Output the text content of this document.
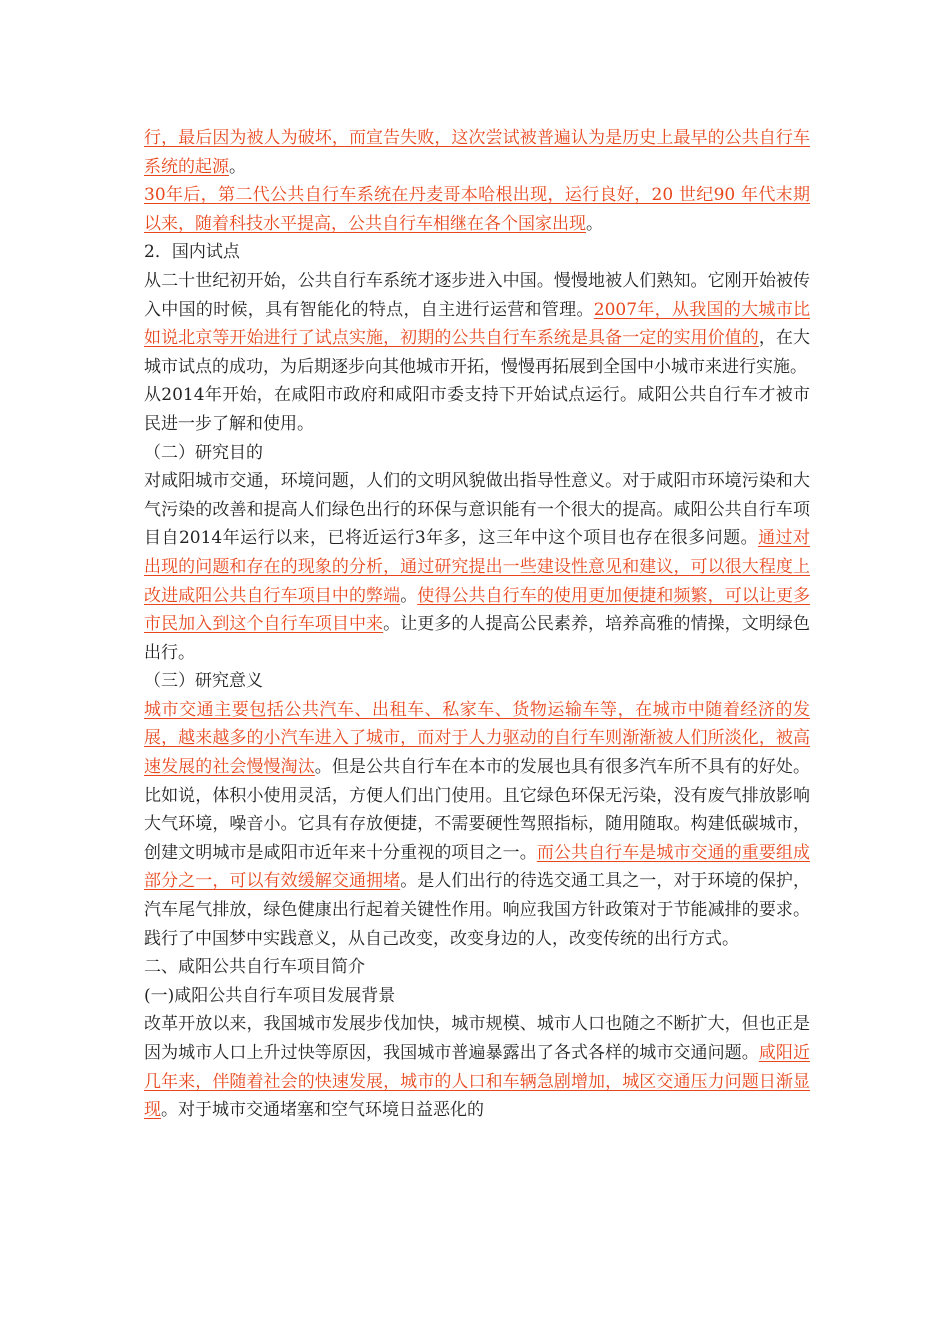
行，最后因为被人为破坏，而宣告失败，这次尝试被普遍认为是历史上最早的公共自行车系统的起源。

30年后，第二代公共自行车系统在丹麦哥本哈根出现，运行良好，20 世纪90 年代末期以来，随着科技水平提高，公共自行车相继在各个国家出现。

2．国内试点

从二十世纪初开始，公共自行车系统才逐步进入中国。慢慢地被人们熟知。它刚开始被传入中国的时候，具有智能化的特点，自主进行运营和管理。2007年，从我国的大城市比如说北京等开始进行了试点实施，初期的公共自行车系统是具备一定的实用价值的，在大城市试点的成功，为后期逐步向其他城市开拓，慢慢再拓展到全国中小城市来进行实施。

从2014年开始，在咸阳市政府和咸阳市委支持下开始试点运行。咸阳公共自行车才被市民进一步了解和使用。

（二）研究目的

对咸阳城市交通，环境问题，人们的文明风貌做出指导性意义。对于咸阳市环境污染和大气污染的改善和提高人们绿色出行的环保与意识能有一个很大的提高。咸阳公共自行车项目自2014年运行以来，已将近运行3年多，这三年中这个项目也存在很多问题。通过对出现的问题和存在的现象的分析，通过研究提出一些建设性意见和建议，可以很大程度上改进咸阳公共自行车项目中的弊端。使得公共自行车的使用更加便捷和频繁，可以让更多市民加入到这个自行车项目中来。让更多的人提高公民素养，培养高雅的情操，文明绿色出行。

（三）研究意义

城市交通主要包括公共汽车、出租车、私家车、货物运输车等，在城市中随着经济的发展，越来越多的小汽车进入了城市，而对于人力驱动的自行车则渐渐被人们所淡化，被高速发展的社会慢慢淘汰。但是公共自行车在本市的发展也具有很多汽车所不具有的好处。比如说，体积小使用灵活，方便人们出门使用。且它绿色环保无污染，没有废气排放影响大气环境，噪音小。它具有存放便捷，不需要硬性驾照指标，随用随取。构建低碳城市，创建文明城市是咸阳市近年来十分重视的项目之一。而公共自行车是城市交通的重要组成部分之一，可以有效缓解交通拥堵。是人们出行的待选交通工具之一，对于环境的保护，汽车尾气排放，绿色健康出行起着关键性作用。响应我国方针政策对于节能减排的要求。践行了中国梦中实践意义，从自己改变，改变身边的人，改变传统的出行方式。

二、咸阳公共自行车项目简介

(一)咸阳公共自行车项目发展背景

改革开放以来，我国城市发展步伐加快，城市规模、城市人口也随之不断扩大，但也正是因为城市人口上升过快等原因，我国城市普遍暴露出了各式各样的城市交通问题。咸阳近几年来，伴随着社会的快速发展，城市的人口和车辆急剧增加，城区交通压力问题日渐显现。对于城市交通堵塞和空气环境日益恶化的
